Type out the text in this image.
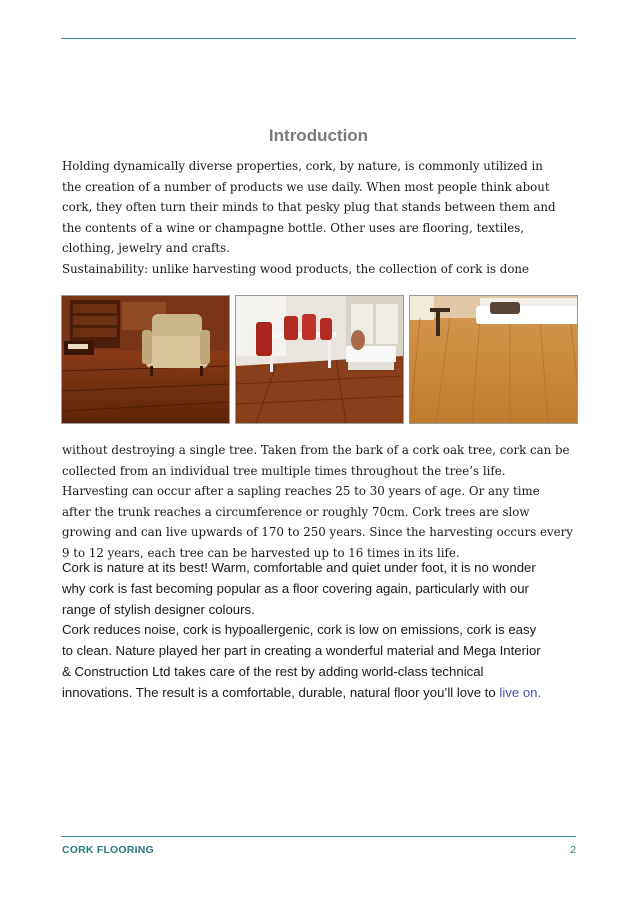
Introduction

Holding dynamically diverse properties, cork, by nature, is commonly utilized in

the creation of a number of products we use daily. When most people think about

cork, they often turn their minds to that pesky plug that stands between them and

the contents of a wine or champagne bottle. Other uses are flooring, textiles,

clothing, jewelry and crafts.

Sustainability: unlike harvesting wood products, the collection of cork is done

without destroying a single tree. Taken from the bark of a cork oak tree, cork can be

collected from an individual tree multiple times throughout the tree’s life.

Harvesting can occur after a sapling reaches 25 to 30 years of age. Or any time

after the trunk reaches a circumference or roughly 70cm. Cork trees are slow

growing and can live upwards of 170 to 250 years. Since the harvesting occurs every

9 to 12 years, each tree can be harvested up to 16 times in its life.

Cork is nature at its best! Warm, comfortable and quiet under foot, it is no wonder

why cork is fast becoming popular as a floor covering again, particularly with our

range of stylish designer colours.

Cork reduces noise, cork is hypoallergenic, cork is low on emissions, cork is easy

to clean. Nature played her part in creating a wonderful material and Mega Interior

& Construction Ltd takes care of the rest by adding world-class technical

innovations. The result is a comfortable, durable, natural floor you’ll love to live on.

CORK FLOORING	2
